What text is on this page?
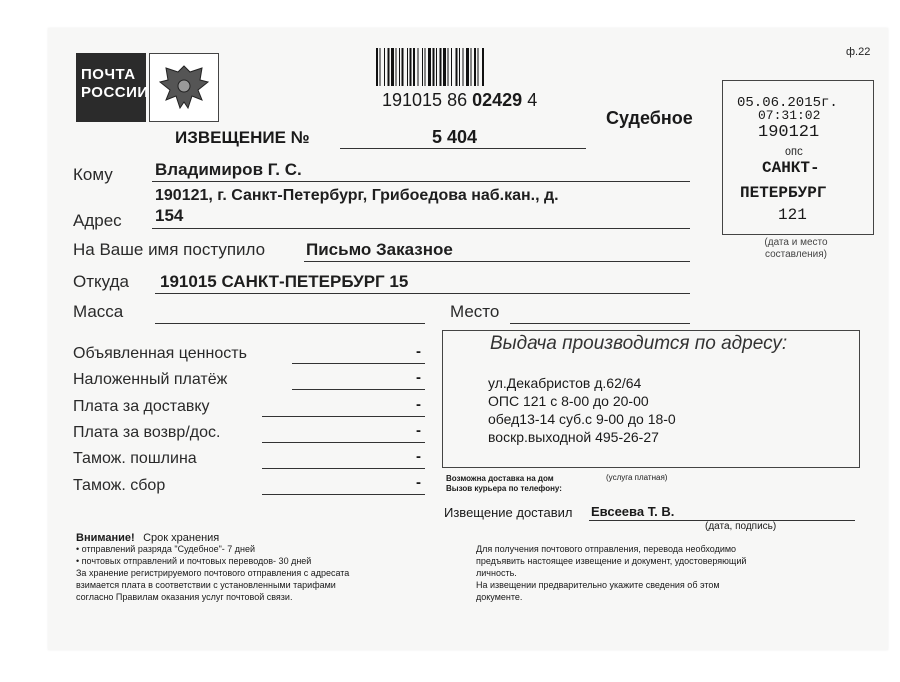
ПОЧТА
РОССИИ
ф.22
191015 86 02429 4
Судебное
ИЗВЕЩЕНИЕ №	5 404
05.06.2015г.
07:31:02
190121
ОПС
САНКТ-
ПЕТЕРБУРГ
121
(дата и место составления)
Кому Владимиров Г. С.
190121, г. Санкт-Петербург, Грибоедова наб.кан., д.
Адрес 154
На Ваше имя поступило Письмо Заказное
Откуда 191015 САНКТ-ПЕТЕРБУРГ 15
Масса	Место
Объявленная ценность	-
Наложенный платёж	-
Плата за доставку	-
Плата за возвр/дос.	-
Тамож. пошлина	-
Тамож. сбор	-
Выдача производится по адресу:
ул.Декабристов д.62/64
ОПС 121 с 8-00 до 20-00
обед13-14 суб.с 9-00 до 18-0
воскр.выходной 495-26-27
Возможна доставка на дом	(услуга платная)
Вызов курьера по телефону:
Извещение доставил Евсеева Т. В.
(дата, подпись)
Внимание! Срок хранения
• отправлений разряда "Судебное"- 7 дней
• почтовых отправлений и почтовых переводов- 30 дней
За хранение регистрируемого почтового отправления с адресата
взимается плата в соответствии с установленными тарифами
согласно Правилам оказания услуг почтовой связи.
Для получения почтового отправления, перевода необходимо
предъявить настоящее извещение и документ, удостоверяющий
личность.
На извещении предварительно укажите сведения об этом
документе.
